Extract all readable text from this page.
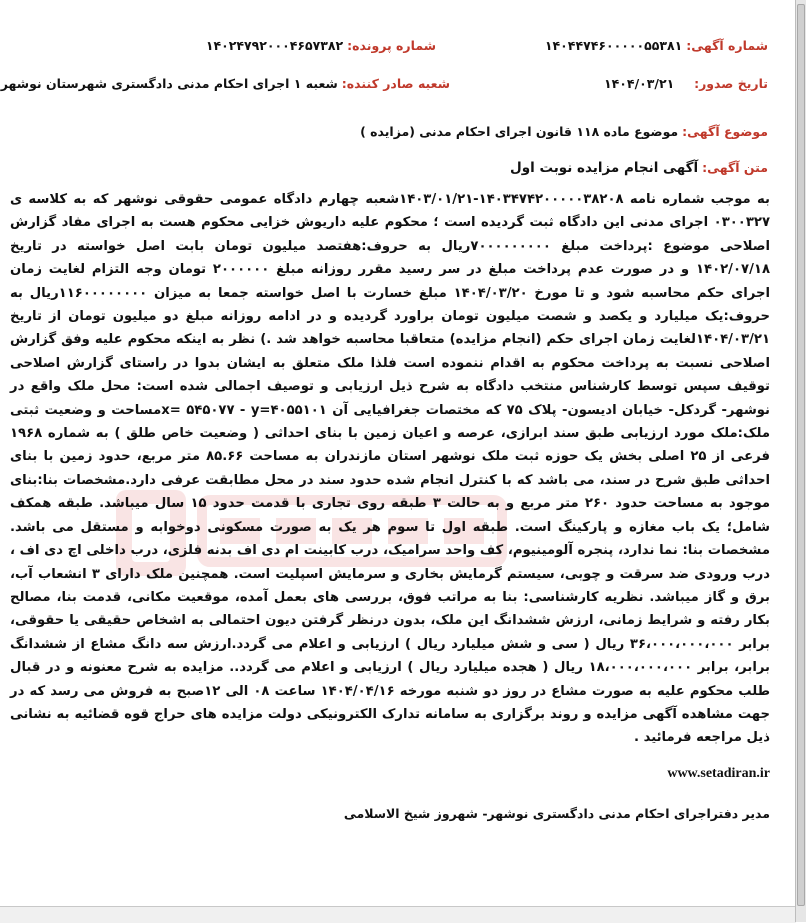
شماره آگهی: ۱۴۰۴۴۷۴۶۰۰۰۰۰۵۵۳۸۱
شماره پرونده: ۱۴۰۲۴۷۹۲۰۰۰۴۶۵۷۳۸۲
تاریخ صدور:     ۱۴۰۴/۰۳/۲۱
شعبه صادر کننده: شعبه ۱ اجرای احکام مدنی دادگستری شهرستان نوشهر
موضوع آگهی: موضوع ماده ۱۱۸ قانون اجرای احکام مدنی (مزایده )
متن آگهی: آگهی انجام مزایده نوبت اول
به موجب شماره نامه ۱۴۰۳۴۷۴۲۰۰۰۰۰۳۸۲۰۸-۱۴۰۳/۰۱/۲۱شعبه چهارم دادگاه عمومی حقوقی نوشهر که به کلاسه ی ۰۳۰۰۳۲۷ اجرای مدنی این دادگاه ثبت گردیده است ؛ محکوم علیه داریوش خزایی محکوم هست به اجرای مفاد گزارش اصلاحی موضوع :پرداخت مبلغ ۷۰۰۰۰۰۰۰۰۰ریال به حروف:هفتصد میلیون تومان بابت اصل خواسته در تاریخ ۱۴۰۲/۰۷/۱۸ و در صورت عدم پرداخت مبلغ در سر رسید مقرر روزانه مبلغ ۲۰۰۰۰۰۰ تومان وجه التزام لغایت زمان اجرای حکم محاسبه شود و تا مورخ ۱۴۰۴/۰۳/۲۰ مبلغ خسارت با اصل خواسته جمعا به میزان ۱۱۶۰۰۰۰۰۰۰۰ریال به حروف:یک میلیارد و یکصد و شصت میلیون تومان براورد گردیده و در ادامه روزانه مبلغ دو میلیون تومان از تاریخ ۱۴۰۴/۰۳/۲۱لغایت زمان اجرای حکم (انجام مزایده) متعاقبا محاسبه خواهد شد .) نظر به اینکه محکوم علیه وفق گزارش اصلاحی نسبت به پرداخت محکوم به اقدام ننموده است فلذا ملک متعلق به ایشان بدوا در راستای گزارش اصلاحی توقیف سپس توسط کارشناس منتخب دادگاه به شرح ذیل ارزیابی و توصیف اجمالی شده است: محل ملک واقع در نوشهر- گردکل- خیابان ادیسون- پلاک ۷۵ که مختصات جغرافیایی آن x= ۵۴۵۰۷۷ - y=۴۰۵۵۱۰۱مساحت و وضعیت ثبتی ملک:ملک مورد ارزیابی طبق سند ابرازی، عرصه و اعیان زمین با بنای احداثی ( وضعیت خاص طلق ) به شماره ۱۹۶۸ فرعی از ۲۵ اصلی بخش یک حوزه ثبت ملک نوشهر استان مازندران به مساحت ۸۵.۶۶ متر مربع، حدود زمین با بنای احداثی طبق شرح در سند، می باشد که با کنترل انجام شده حدود سند در محل مطابقت عرفی دارد.مشخصات بنا:بنای موجود به مساحت حدود ۲۶۰ متر مربع و به حالت ۳ طبقه روی تجاری با قدمت حدود ۱۵ سال میباشد. طبقه همکف شامل؛ یک باب مغازه و پارکینگ است. طبقه اول تا سوم هر یک به صورت مسکونی دوخوابه و مستقل می باشد. مشخصات بنا: نما ندارد، پنجره آلومینیوم، کف واحد سرامیک، درب کابینت ام دی اف بدنه فلزی، درب داخلی اچ دی اف ، درب ورودی ضد سرقت و چوبی، سیستم گرمایش بخاری و سرمایش اسپلیت است. همچنین ملک دارای ۳ انشعاب آب، برق و گاز میباشد. نظریه کارشناسی: بنا به مراتب فوق، بررسی های بعمل آمده، موقعیت مکانی، قدمت بنا، مصالح بکار رفته و شرایط زمانی، ارزش ششدانگ این ملک، بدون درنظر گرفتن دیون احتمالی به اشخاص حقیقی یا حقوقی، برابر ۳۶،۰۰۰،۰۰۰،۰۰۰ ریال ( سی و شش میلیارد ریال ) ارزیابی و اعلام می گردد.ارزش سه دانگ مشاع از ششدانگ برابر، برابر ۱۸،۰۰۰،۰۰۰،۰۰۰ ریال ( هجده میلیارد ریال ) ارزیابی و اعلام می گردد.. مزایده به شرح معنونه و در قبال طلب محکوم علیه به صورت مشاع در روز دو شنبه مورخه ۱۴۰۴/۰۴/۱۶ ساعت ۰۸ الی ۱۲صبح به فروش می رسد که در جهت مشاهده آگهی مزایده و روند برگزاری به سامانه تدارک الکترونیکی دولت مزایده های حراج قوه قضائیه به نشانی ذیل مراجعه فرمائید .
www.setadiran.ir
مدیر دفتراجرای احکام مدنی دادگستری نوشهر- شهروز شیخ الاسلامی
